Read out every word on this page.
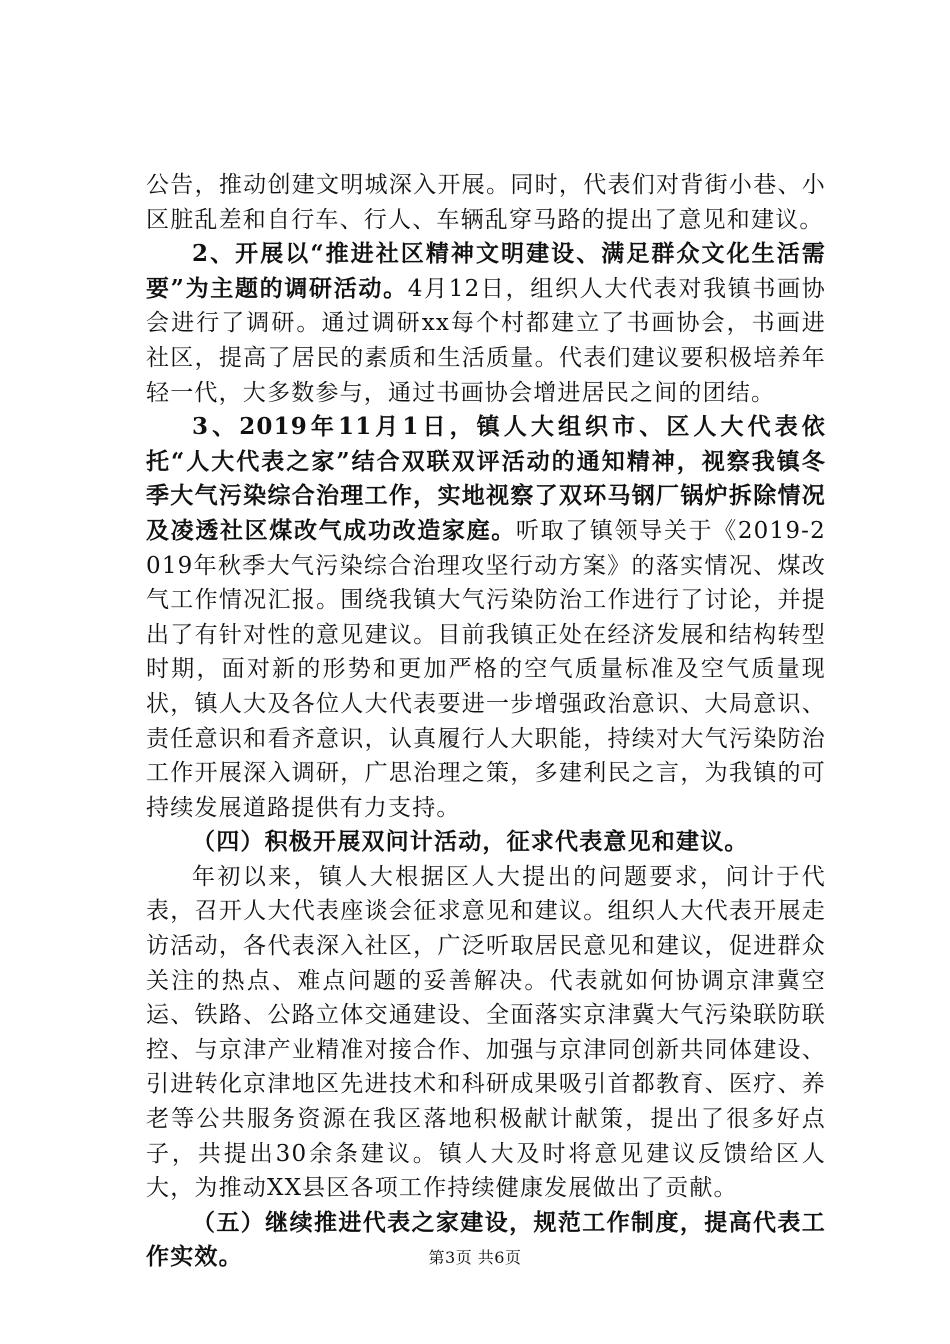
公告，推动创建文明城深入开展。同时，代表们对背街小巷、小区脏乱差和自行车、行人、车辆乱穿马路的提出了意见和建议。

2、开展以“推进社区精神文明建设、满足群众文化生活需要”为主题的调研活动。4月12日，组织人大代表对我镇书画协会进行了调研。通过调研xx每个村都建立了书画协会，书画进社区，提高了居民的素质和生活质量。代表们建议要积极培养年轻一代，大多数参与，通过书画协会增进居民之间的团结。

3、2019年11月1日，镇人大组织市、区人大代表依托“人大代表之家”结合双联双评活动的通知精神，视察我镇冬季大气污染综合治理工作，实地视察了双环马钢厂锅炉拆除情况及凌透社区煤改气成功改造家庭。听取了镇领导关于《2019-2019年秋季大气污染综合治理攻坚行动方案》的落实情况、煤改气工作情况汇报。围绕我镇大气污染防治工作进行了讨论，并提出了有针对性的意见建议。目前我镇正处在经济发展和结构转型时期，面对新的形势和更加严格的空气质量标准及空气质量现状，镇人大及各位人大代表要进一步增强政治意识、大局意识、责任意识和看齐意识，认真履行人大职能，持续对大气污染防治工作开展深入调研，广思治理之策，多建利民之言，为我镇的可持续发展道路提供有力支持。

（四）积极开展双问计活动，征求代表意见和建议。

年初以来，镇人大根据区人大提出的问题要求，问计于代表，召开人大代表座谈会征求意见和建议。组织人大代表开展走访活动，各代表深入社区，广泛听取居民意见和建议，促进群众关注的热点、难点问题的妥善解决。代表就如何协调京津冀空运、铁路、公路立体交通建设、全面落实京津冀大气污染联防联控、与京津产业精准对接合作、加强与京津同创新共同体建设、引进转化京津地区先进技术和科研成果吸引首都教育、医疗、养老等公共服务资源在我区落地积极献计献策，提出了很多好点子，共提出30余条建议。镇人大及时将意见建议反馈给区人大，为推动XX县区各项工作持续健康发展做出了贡献。

（五）继续推进代表之家建设，规范工作制度，提高代表工作实效。	第3页 共6页
